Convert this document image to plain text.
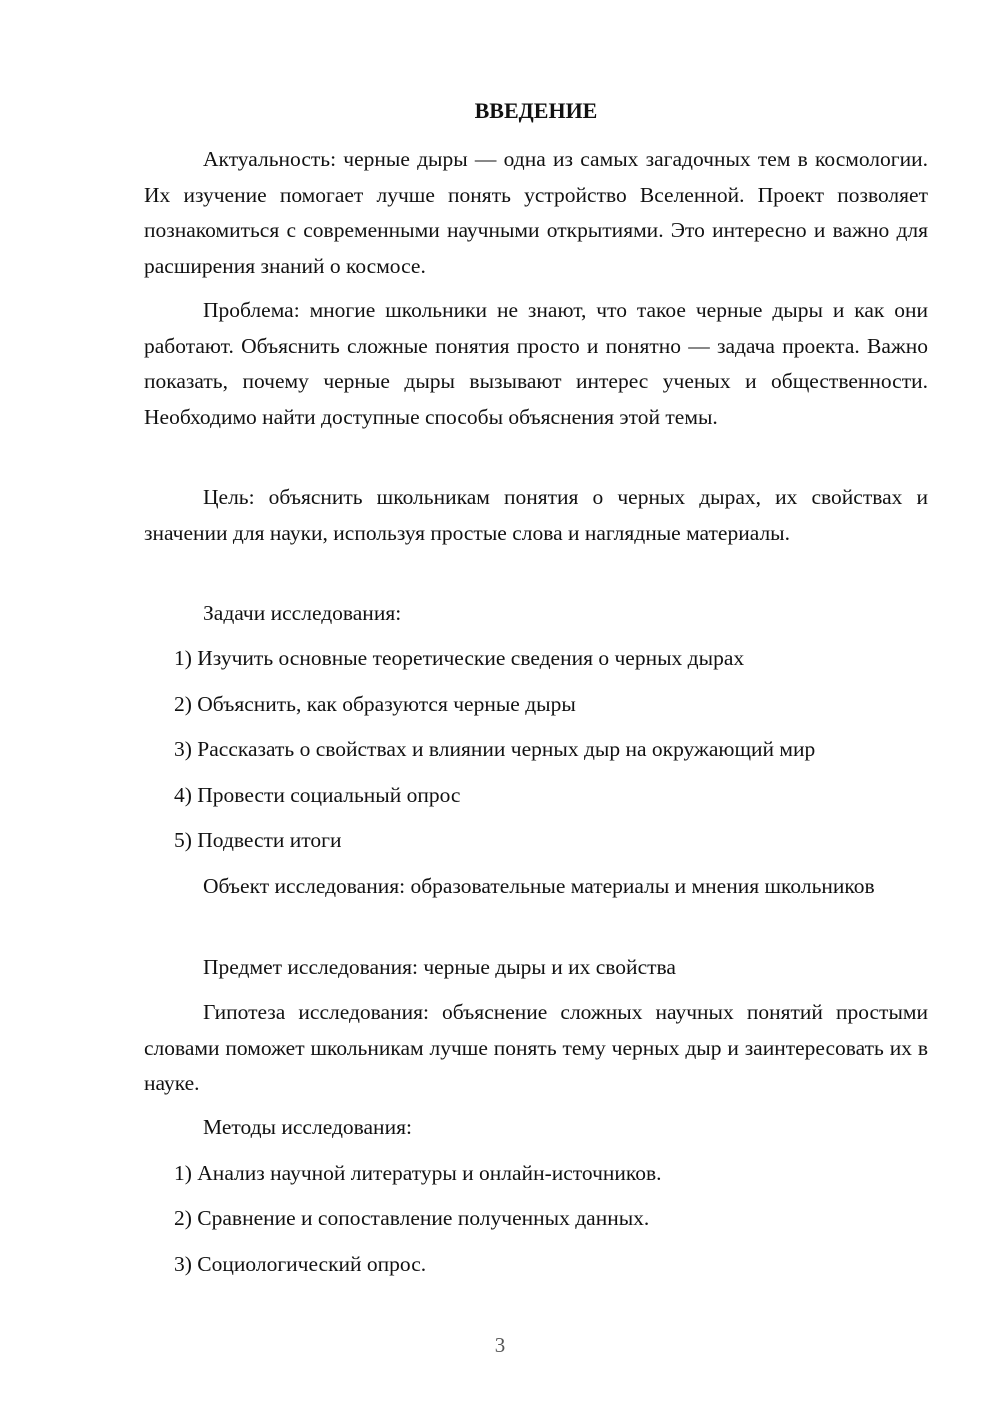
ВВЕДЕНИЕ

Актуальность: черные дыры — одна из самых загадочных тем в космологии. Их изучение помогает лучше понять устройство Вселенной. Проект позволяет познакомиться с современными научными открытиями. Это интересно и важно для расширения знаний о космосе.

Проблема: многие школьники не знают, что такое черные дыры и как они работают. Объяснить сложные понятия просто и понятно — задача проекта. Важно показать, почему черные дыры вызывают интерес ученых и общественности. Необходимо найти доступные способы объяснения этой темы.

Цель: объяснить школьникам понятия о черных дырах, их свойствах и значении для науки, используя простые слова и наглядные материалы.

Задачи исследования:

1) Изучить основные теоретические сведения о черных дырах

2) Объяснить, как образуются черные дыры

3) Рассказать о свойствах и влиянии черных дыр на окружающий мир

4) Провести социальный опрос

5) Подвести итоги

Объект исследования: образовательные материалы и мнения школьников

Предмет исследования: черные дыры и их свойства

Гипотеза исследования: объяснение сложных научных понятий простыми словами поможет школьникам лучше понять тему черных дыр и заинтересовать их в науке.

Методы исследования:

1) Анализ научной литературы и онлайн-источников.

2) Сравнение и сопоставление полученных данных.

3) Социологический опрос.

3
